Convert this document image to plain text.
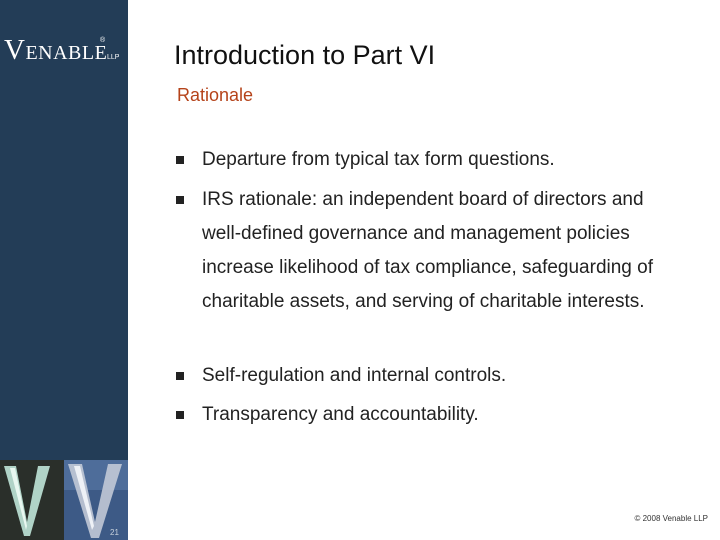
VENABLE
®
LLP
21
Introduction to Part VI
Rationale
Departure from typical tax form questions.
IRS rationale: an independent board of directors and well-defined governance and management policies increase likelihood of tax compliance, safeguarding of charitable assets, and serving of charitable interests.
Self-regulation and internal controls.
Transparency and accountability.
© 2008 Venable LLP
